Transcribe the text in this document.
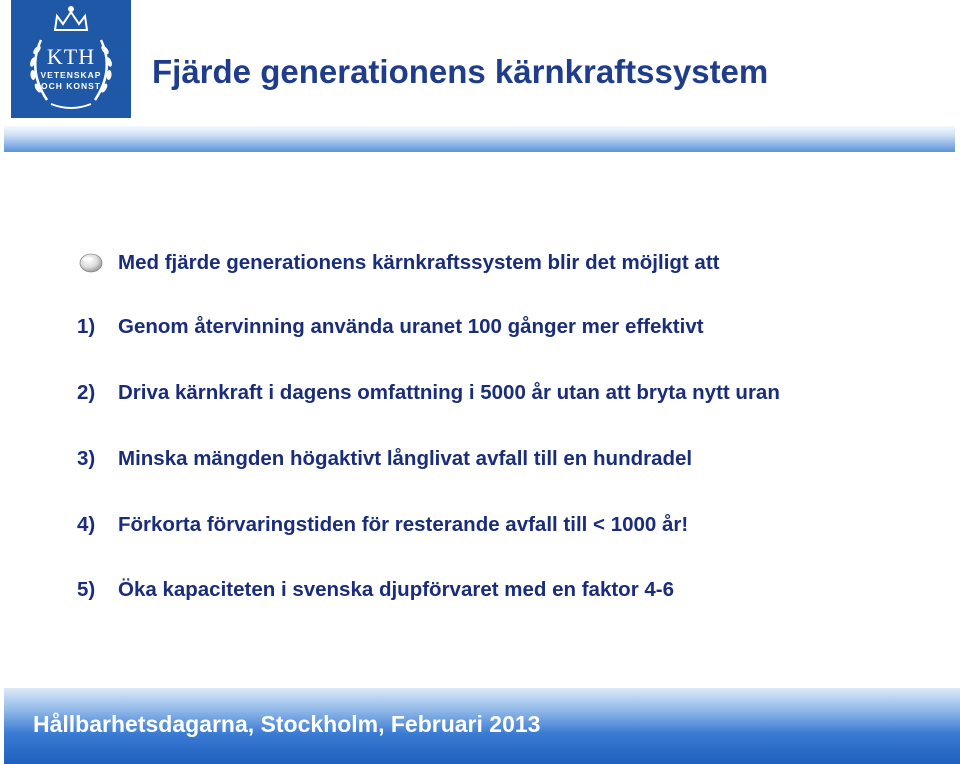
KTH
VETENSKAP
OCH KONST	Fjärde generationens kärnkraftssystem
Med fjärde generationens kärnkraftssystem blir det möjligt att
1) Genom återvinning använda uranet 100 gånger mer effektivt
2) Driva kärnkraft i dagens omfattning i 5000 år utan att bryta nytt uran
3) Minska mängden högaktivt långlivat avfall till en hundradel
4) Förkorta förvaringstiden för resterande avfall till < 1000 år!
5) Öka kapaciteten i svenska djupförvaret med en faktor 4-6

Hållbarhetsdagarna, Stockholm, Februari 2013
